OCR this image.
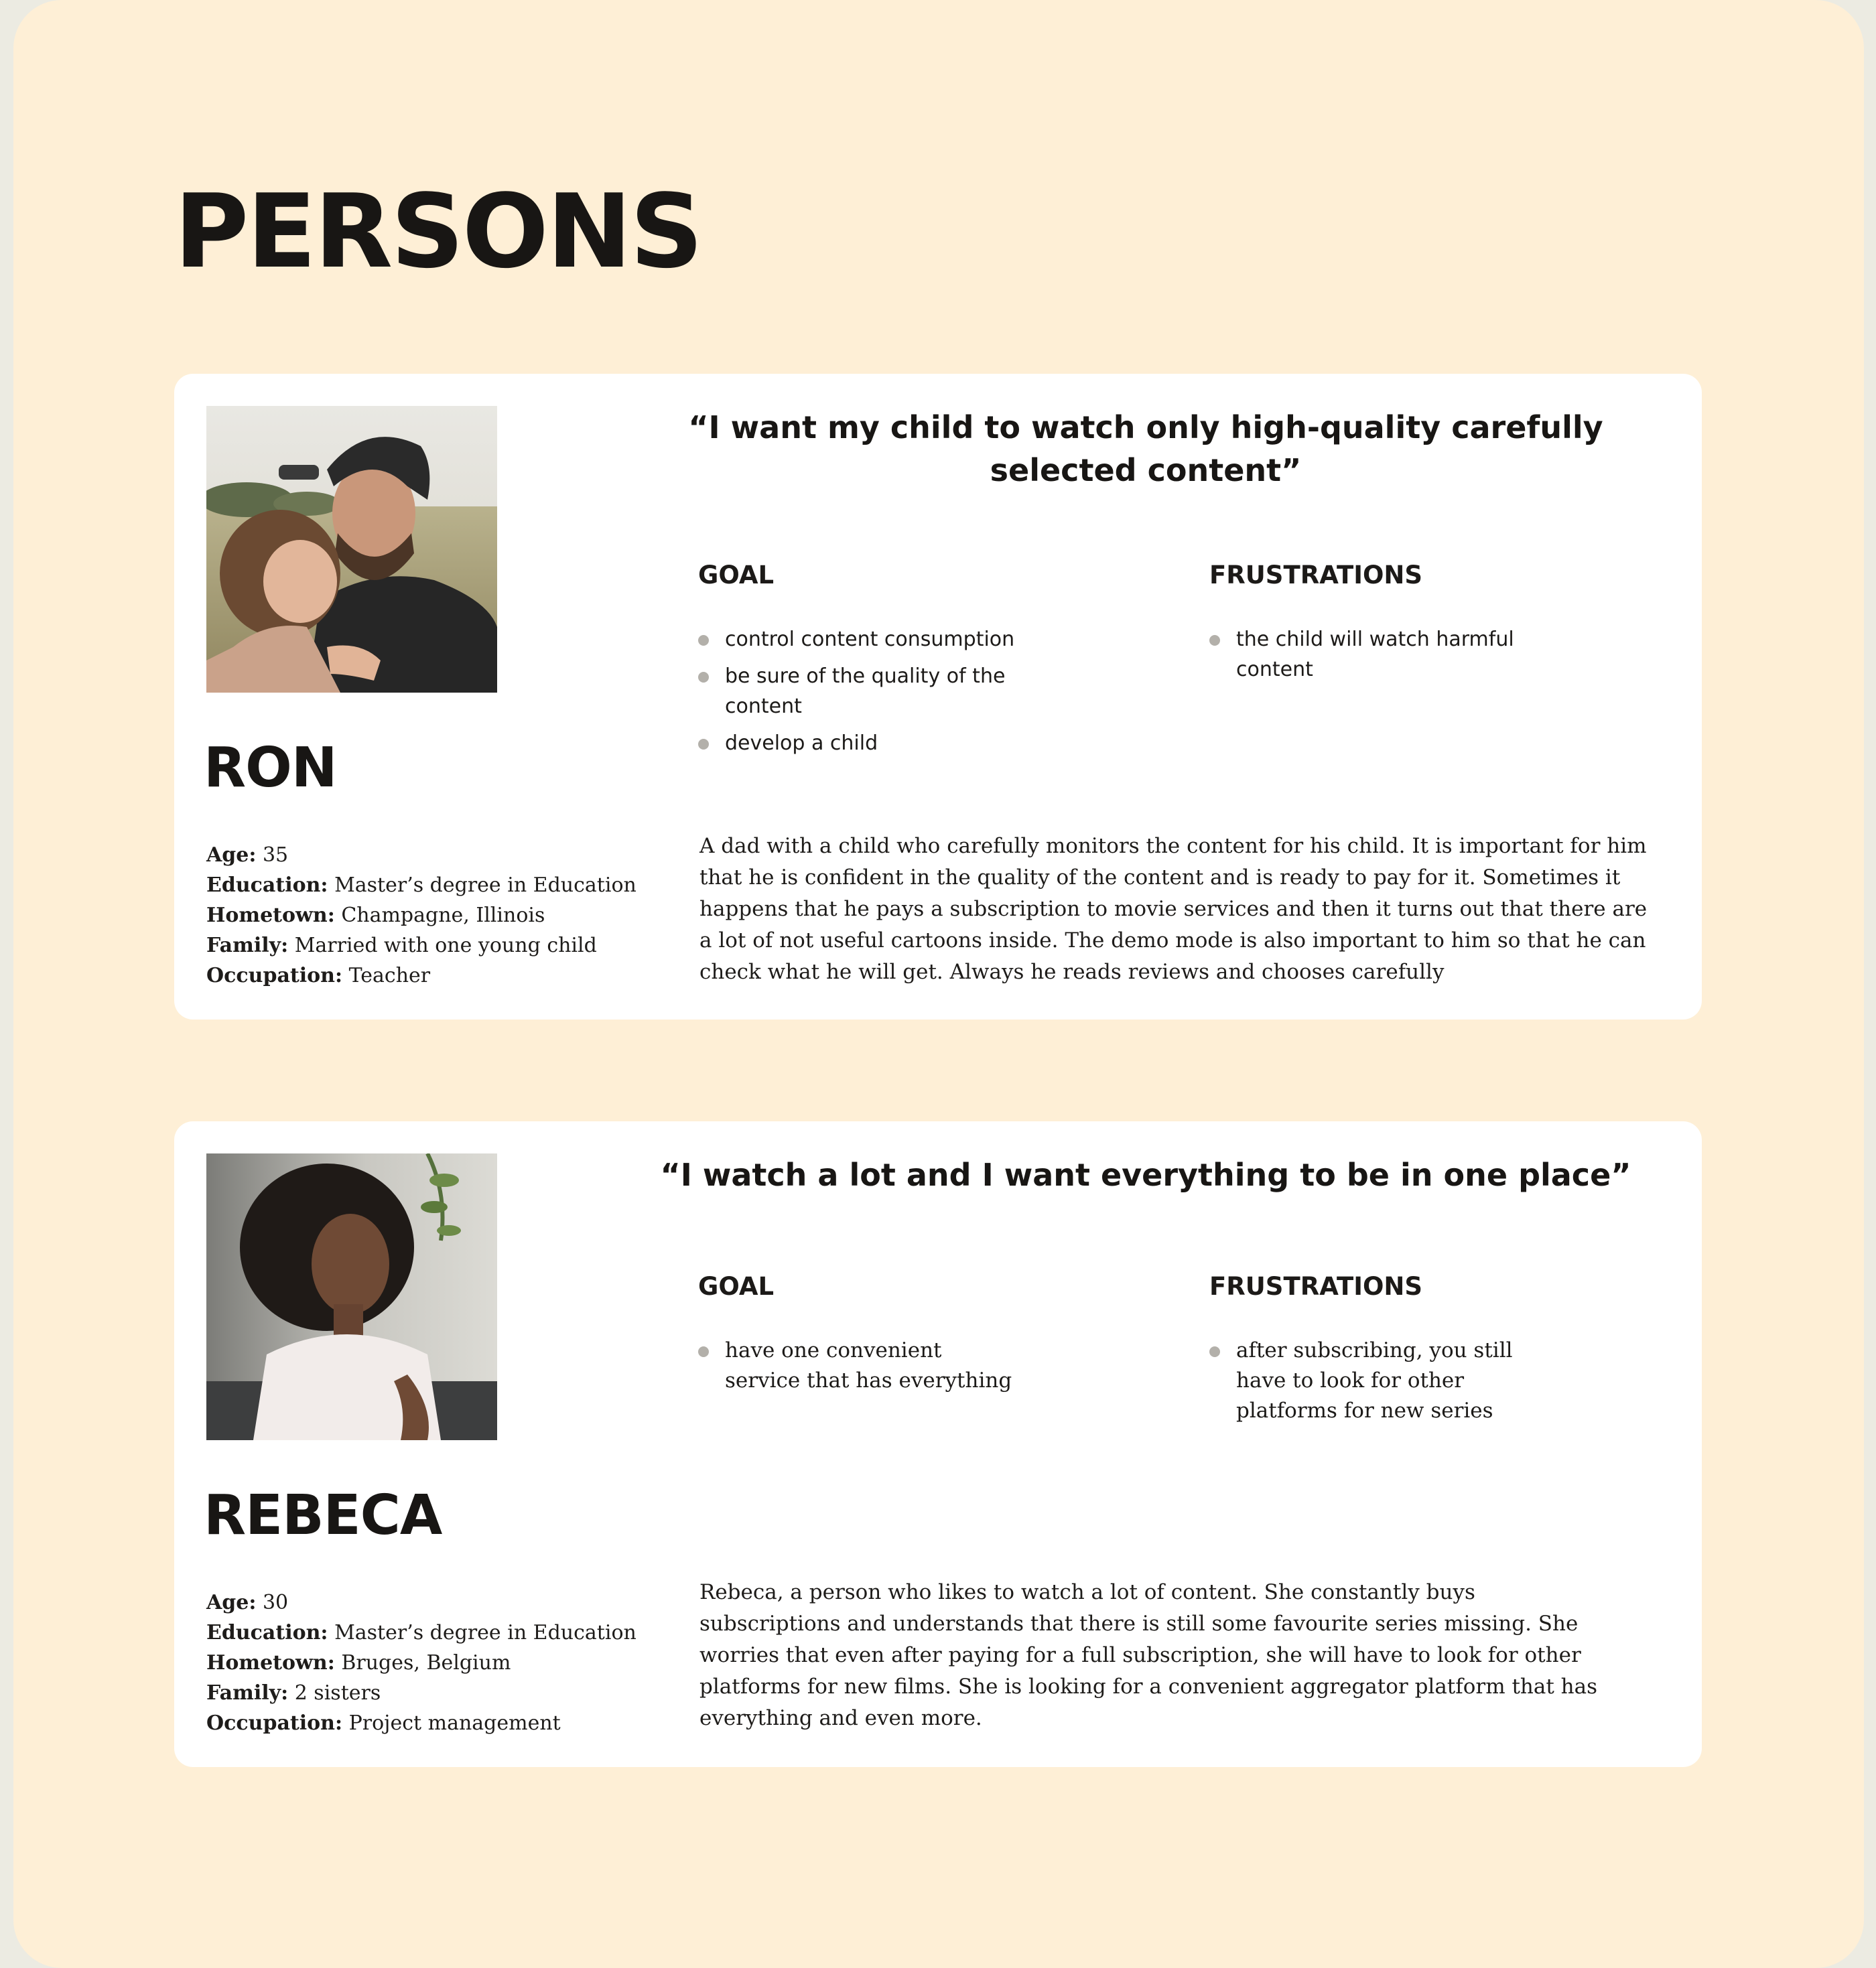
PERSONS
RON
Age: 35
Education: Master’s degree in Education
Hometown: Champagne, Illinois
Family: Married with one young child
Occupation: Teacher

“I want my child to watch only high-quality carefully selected content”

GOAL	FRUSTRATIONS
control content consumption
be sure of the quality of the content
develop a child
the child will watch harmful content

A dad with a child who carefully monitors the content for his child. It is important for him that he is confident in the quality of the content and is ready to pay for it. Sometimes it happens that he pays a subscription to movie services and then it turns out that there are a lot of not useful cartoons inside. The demo mode is also important to him so that he can check what he will get. Always he reads reviews and chooses carefully

REBECA
Age: 30
Education: Master’s degree in Education
Hometown: Bruges, Belgium
Family: 2 sisters
Occupation: Project management

“I watch a lot and I want everything to be in one place”

GOAL	FRUSTRATIONS
have one convenient service that has everything
after subscribing, you still have to look for other platforms for new series

Rebeca, a person who likes to watch a lot of content. She constantly buys subscriptions and understands that there is still some favourite series missing. She worries that even after paying for a full subscription, she will have to look for other platforms for new films. She is looking for a convenient aggregator platform that has everything and even more.
